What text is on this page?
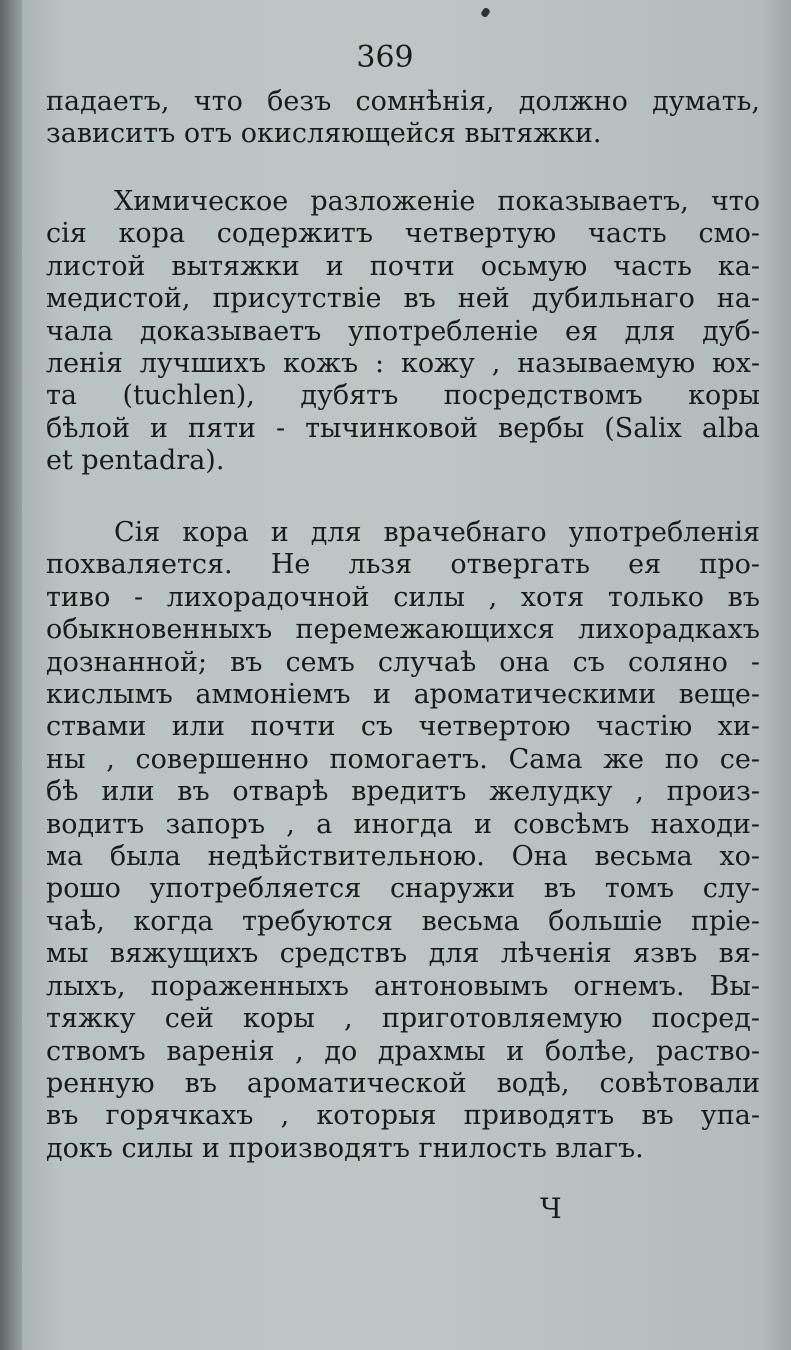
369
падаетъ, что безъ сомнѣнія, должно думать,
зависитъ отъ окисляющейся вытяжки.
Химическое разложеніе показываетъ, что
сія кора содержитъ четвертую часть смо-
листой вытяжки и почти осьмую часть ка-
медистой, присутствіе въ ней дубильнаго на-
чала доказываетъ употребленіе ея для дуб-
ленія лучшихъ кожъ : кожу , называемую юх-
та (tuchlen), дубятъ посредствомъ коры
бѣлой и пяти - тычинковой вербы (Salix alba
et pentadra).
Сія кора и для врачебнаго употребленія
похваляется. Не льзя отвергать ея про-
тиво - лихорадочной силы , хотя только въ
обыкновенныхъ перемежающихся лихорадкахъ
дознанной; въ семъ случаѣ она съ соляно -
кислымъ аммоніемъ и ароматическими веще-
ствами или почти съ четвертою частію хи-
ны , совершенно помогаетъ. Сама же по се-
бѣ или въ отварѣ вредитъ желудку , произ-
водитъ запоръ , а иногда и совсѣмъ находи-
ма была недѣйствительною. Она весьма хо-
рошо употребляется снаружи въ томъ слу-
чаѣ, когда требуются весьма большіе пріе-
мы вяжущихъ средствъ для лѣченія язвъ вя-
лыхъ, пораженныхъ антоновымъ огнемъ. Вы-
тяжку сей коры , приготовляемую посред-
ствомъ варенія , до драхмы и болѣе, раство-
ренную въ ароматической водѣ, совѣтовали
въ горячкахъ , которыя приводятъ въ упа-
докъ силы и производятъ гнилость влагъ.
Ч
